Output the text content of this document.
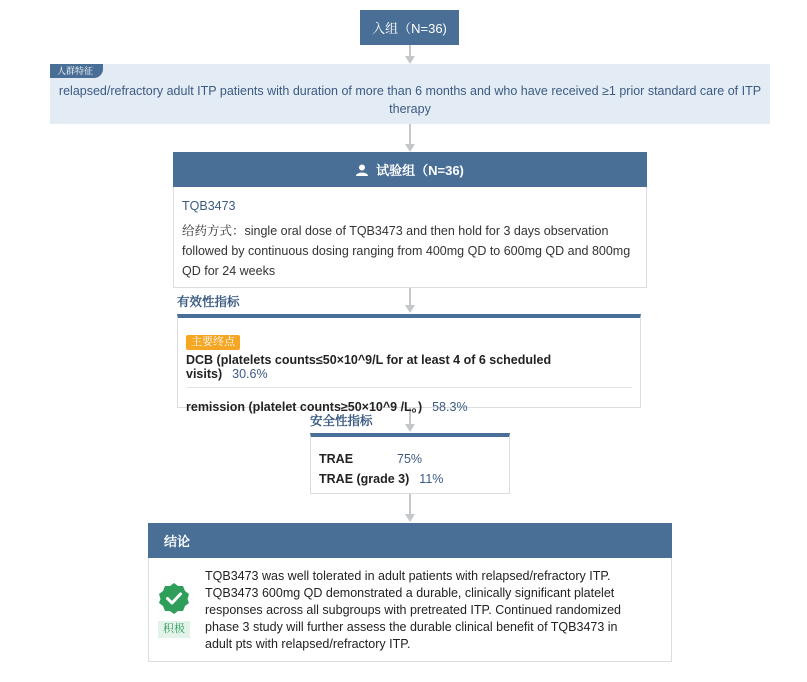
入组（N=36)
人群特征
relapsed/refractory adult ITP patients with duration of more than 6 months and who have received ≥1 prior standard care of ITP therapy
试验组（N=36)
TQB3473
给药方式：single oral dose of TQB3473 and then hold for 3 days observation followed by continuous dosing ranging from 400mg QD to 600mg QD and 800mg QD for 24 weeks
有效性指标
主要终点
DCB (platelets counts≤50×10^9/L for at least 4 of 6 scheduled visits) 30.6%
remission (platelet counts≥50×10^9 /L。) 58.3%
安全性指标
TRAE	75%
TRAE (grade 3) 11%
结论
积极
TQB3473 was well tolerated in adult patients with relapsed/refractory ITP. TQB3473 600mg QD demonstrated a durable, clinically significant platelet responses across all subgroups with pretreated ITP. Continued randomized phase 3 study will further assess the durable clinical benefit of TQB3473 in adult pts with relapsed/refractory ITP.
